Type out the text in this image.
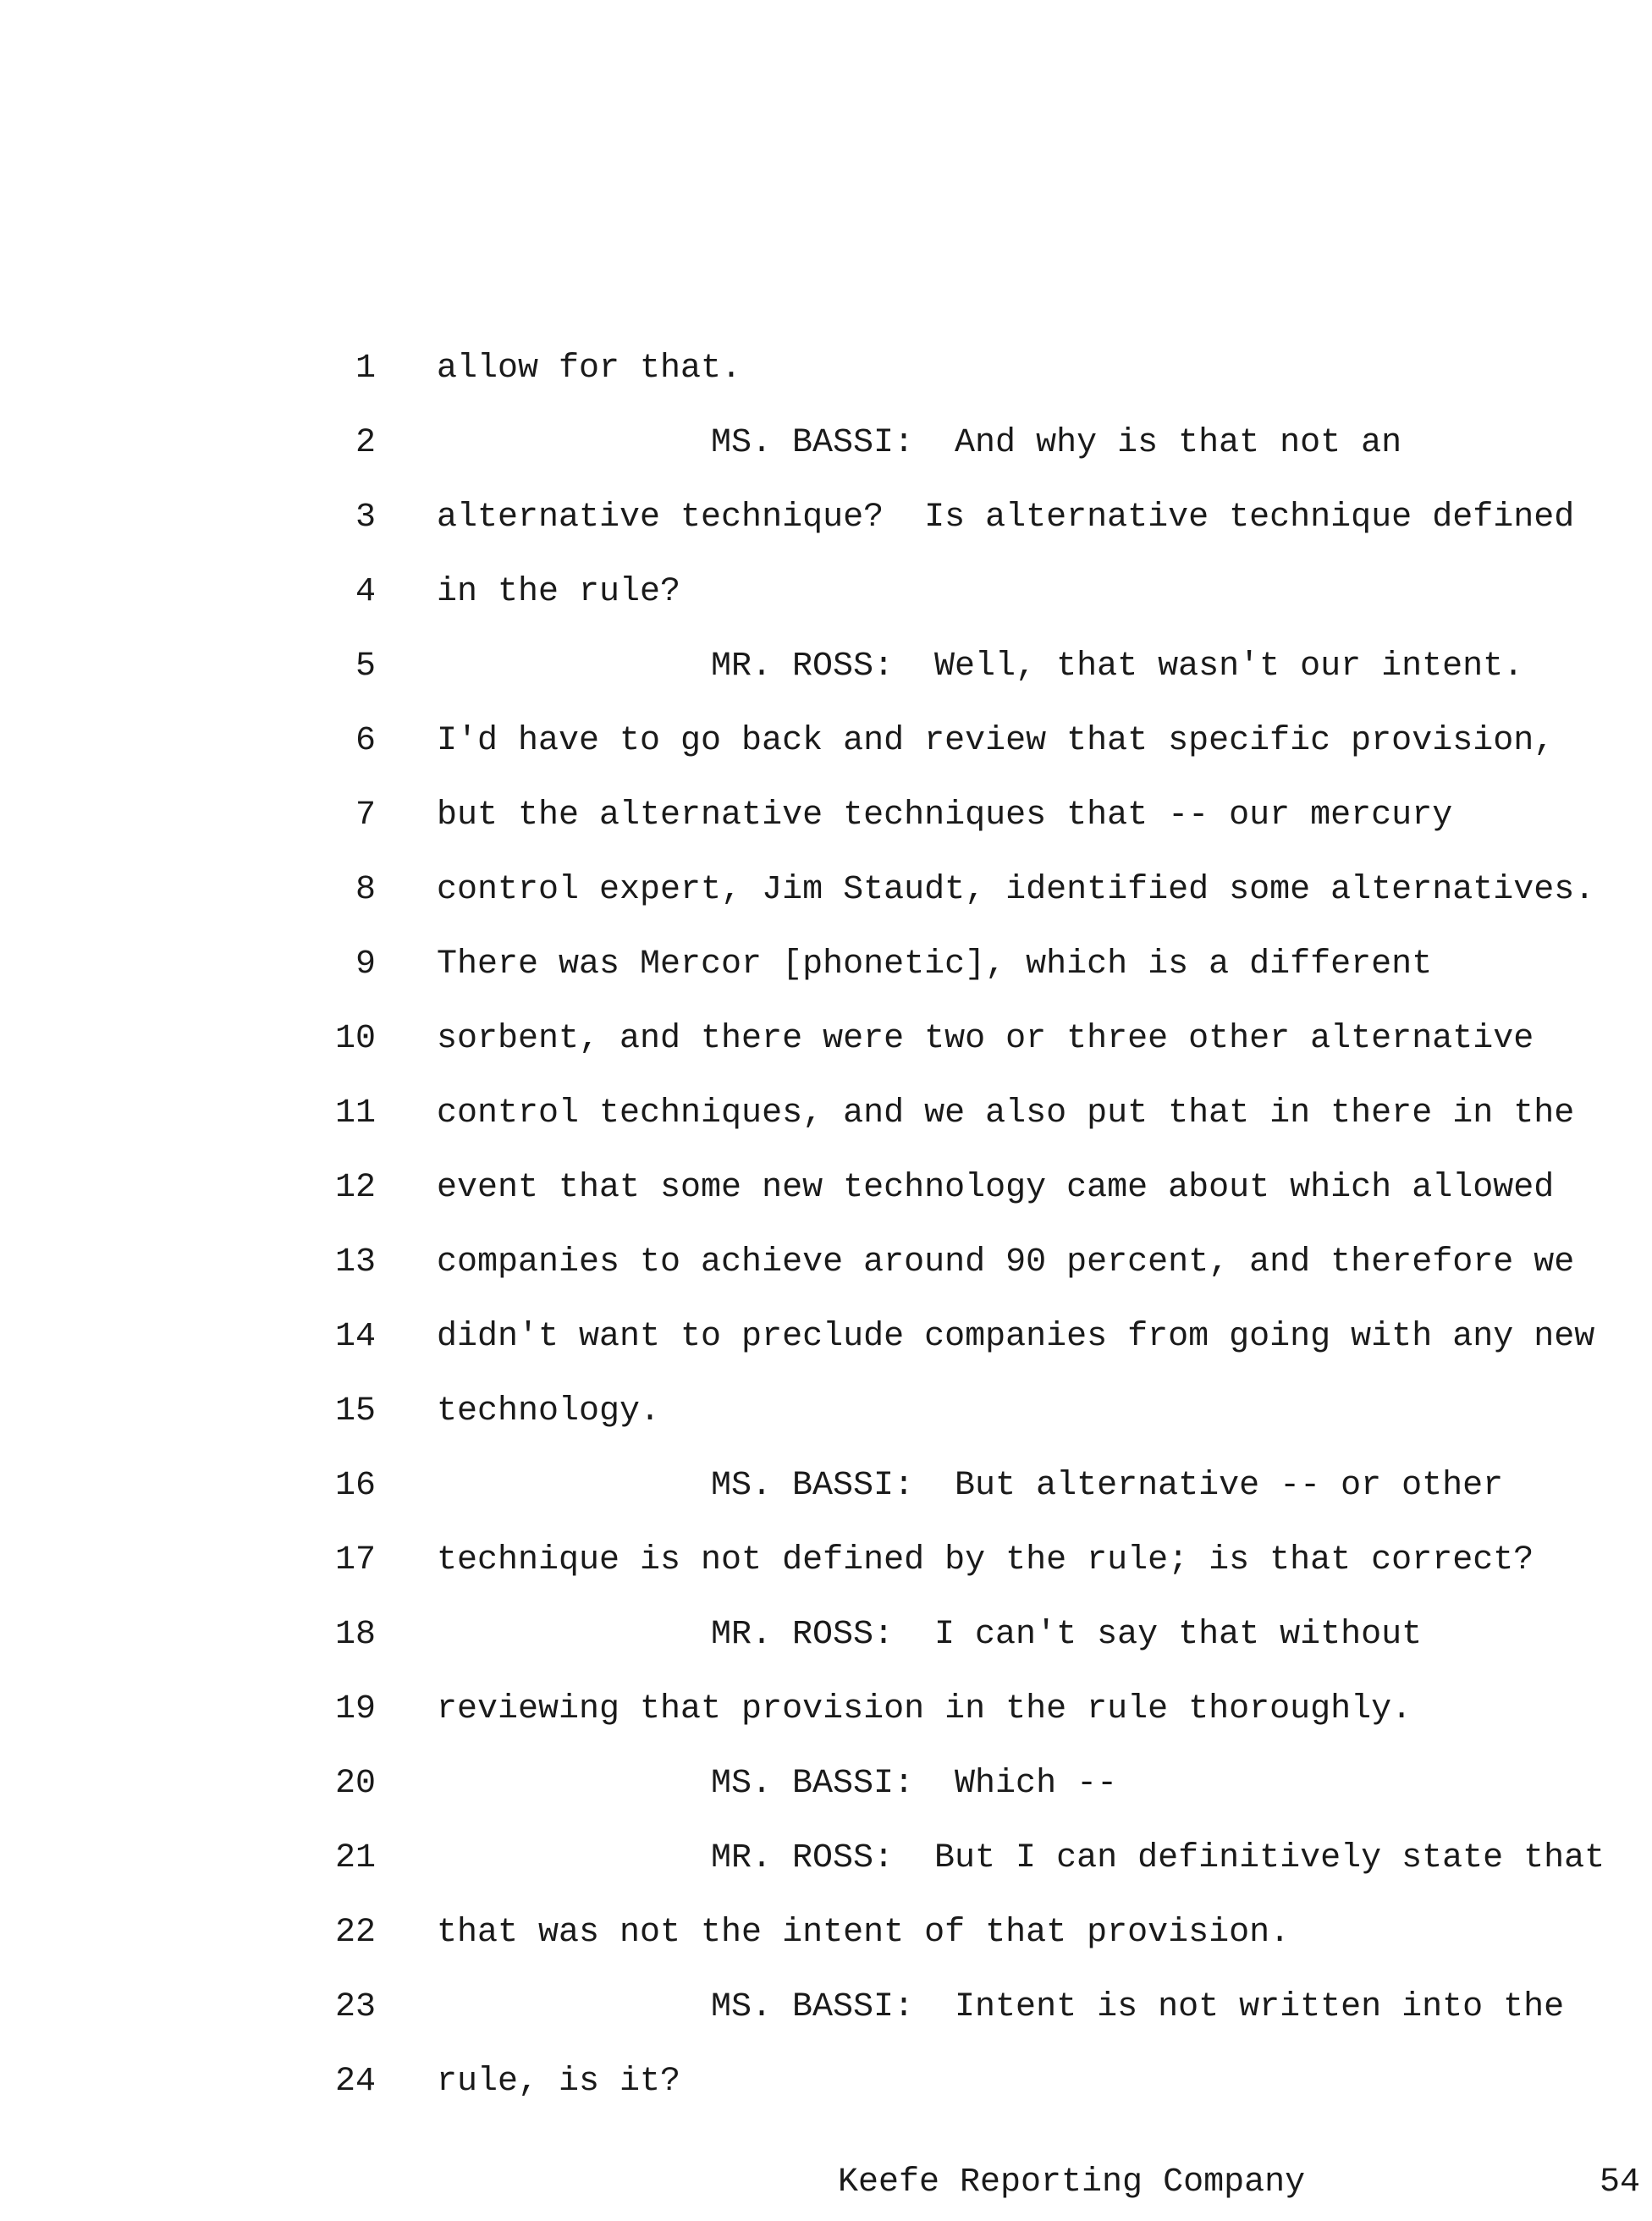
1 allow for that.
2	MS. BASSI:  And why is that not an
3 alternative technique?  Is alternative technique defined
4 in the rule?
5	MR. ROSS:  Well, that wasn't our intent.
6 I'd have to go back and review that specific provision,
7 but the alternative techniques that -- our mercury
8 control expert, Jim Staudt, identified some alternatives.
9 There was Mercor [phonetic], which is a different
10 sorbent, and there were two or three other alternative
11 control techniques, and we also put that in there in the
12 event that some new technology came about which allowed
13 companies to achieve around 90 percent, and therefore we
14 didn't want to preclude companies from going with any new
15 technology.
16	MS. BASSI:  But alternative -- or other
17 technique is not defined by the rule; is that correct?
18	MR. ROSS:  I can't say that without
19 reviewing that provision in the rule thoroughly.
20	MS. BASSI:  Which --
21	MR. ROSS:  But I can definitively state that
22 that was not the intent of that provision.
23	MS. BASSI:  Intent is not written into the
24 rule, is it?
Keefe Reporting Company	54
